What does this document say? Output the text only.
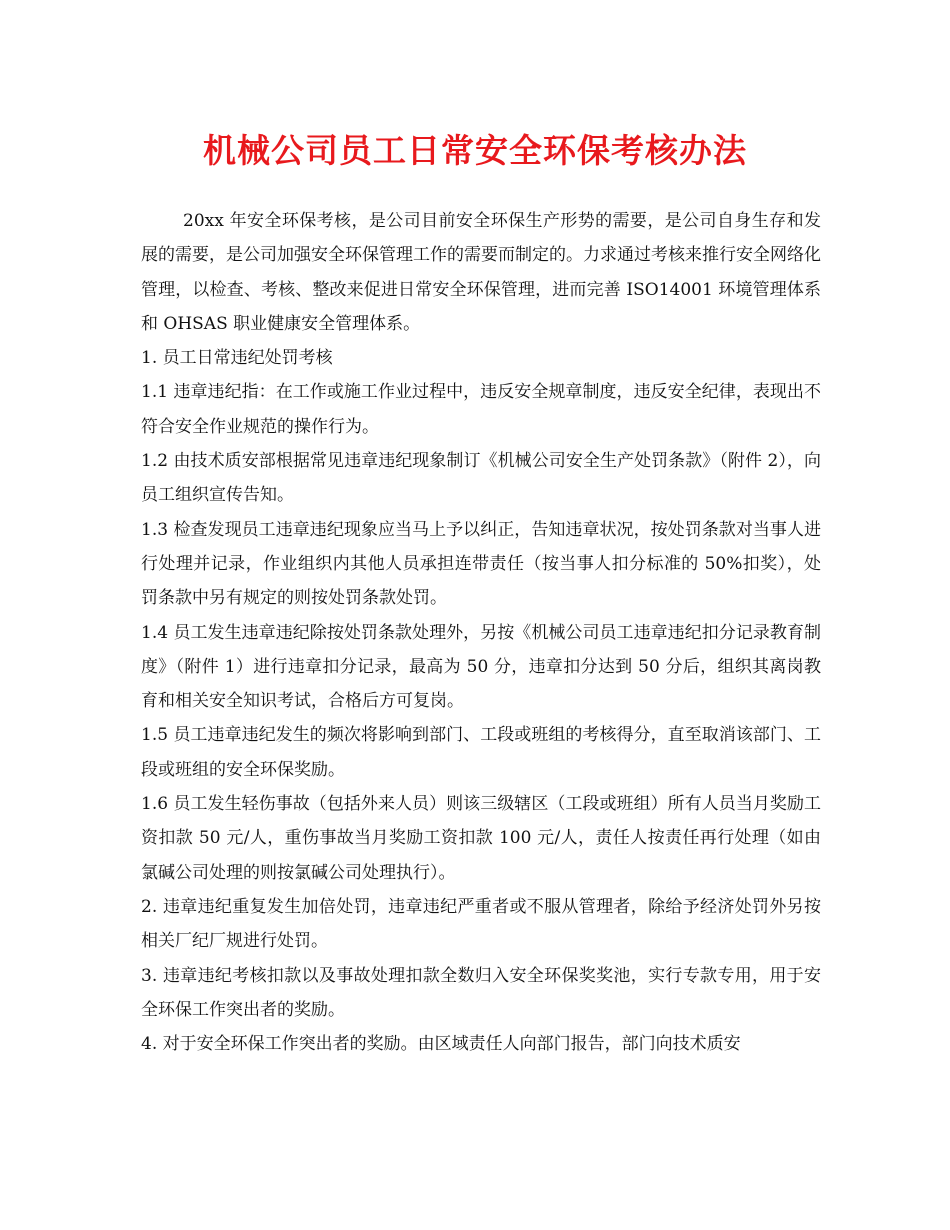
机械公司员工日常安全环保考核办法

20xx 年安全环保考核，是公司目前安全环保生产形势的需要，是公司自身生存和发展的需要，是公司加强安全环保管理工作的需要而制定的。力求通过考核来推行安全网络化管理，以检查、考核、整改来促进日常安全环保管理，进而完善 ISO14001 环境管理体系和 OHSAS 职业健康安全管理体系。

1. 员工日常违纪处罚考核

1.1 违章违纪指：在工作或施工作业过程中，违反安全规章制度，违反安全纪律，表现出不符合安全作业规范的操作行为。

1.2 由技术质安部根据常见违章违纪现象制订《机械公司安全生产处罚条款》（附件 2），向员工组织宣传告知。

1.3 检查发现员工违章违纪现象应当马上予以纠正，告知违章状况，按处罚条款对当事人进行处理并记录，作业组织内其他人员承担连带责任（按当事人扣分标准的 50%扣奖），处罚条款中另有规定的则按处罚条款处罚。

1.4 员工发生违章违纪除按处罚条款处理外，另按《机械公司员工违章违纪扣分记录教育制度》（附件 1）进行违章扣分记录，最高为 50 分，违章扣分达到 50 分后，组织其离岗教育和相关安全知识考试，合格后方可复岗。

1.5 员工违章违纪发生的频次将影响到部门、工段或班组的考核得分，直至取消该部门、工段或班组的安全环保奖励。

1.6 员工发生轻伤事故（包括外来人员）则该三级辖区（工段或班组）所有人员当月奖励工资扣款 50 元/人，重伤事故当月奖励工资扣款 100 元/人，责任人按责任再行处理（如由氯碱公司处理的则按氯碱公司处理执行）。

2. 违章违纪重复发生加倍处罚，违章违纪严重者或不服从管理者，除给予经济处罚外另按相关厂纪厂规进行处罚。

3. 违章违纪考核扣款以及事故处理扣款全数归入安全环保奖奖池，实行专款专用，用于安全环保工作突出者的奖励。

4. 对于安全环保工作突出者的奖励。由区域责任人向部门报告，部门向技术质安
